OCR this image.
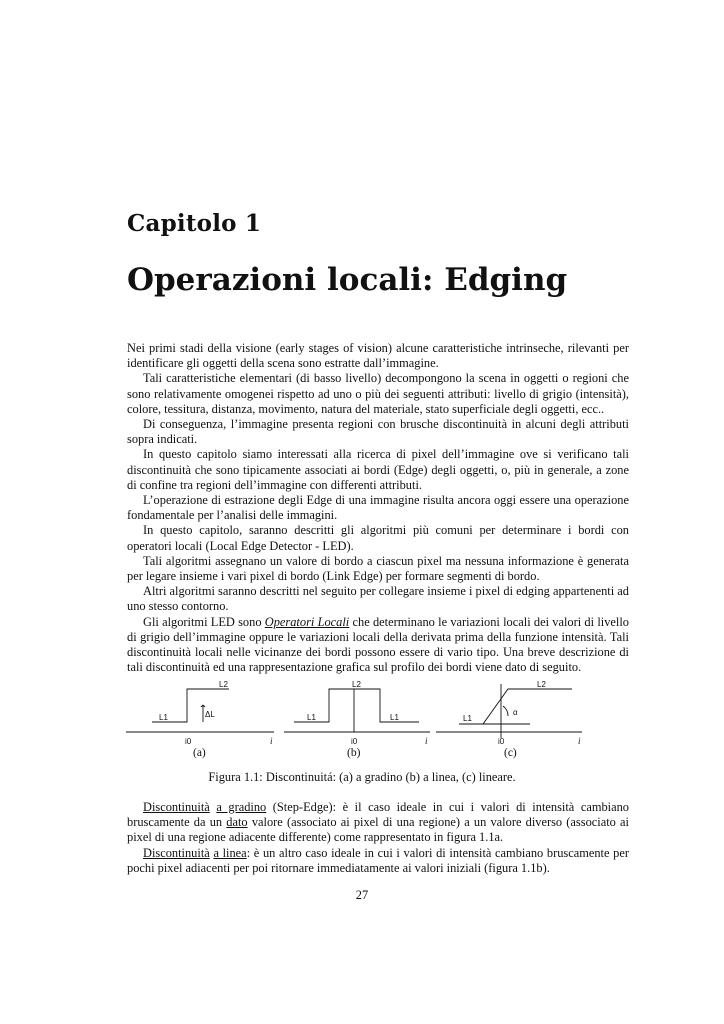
Capitolo 1
Operazioni locali: Edging

Nei primi stadi della visione (early stages of vision) alcune caratteristiche intrinseche, rilevanti per identificare gli oggetti della scena sono estratte dall’immagine.

Tali caratteristiche elementari (di basso livello) decompongono la scena in oggetti o regioni che sono relativamente omogenei rispetto ad uno o più dei seguenti attributi: livello di grigio (intensità), colore, tessitura, distanza, movimento, natura del materiale, stato superficiale degli oggetti, ecc..

Di conseguenza, l’immagine presenta regioni con brusche discontinuità in alcuni degli attributi sopra indicati.

In questo capitolo siamo interessati alla ricerca di pixel dell’immagine ove si verificano tali discontinuità che sono tipicamente associati ai bordi (Edge) degli oggetti, o, più in generale, a zone di confine tra regioni dell’immagine con differenti attributi.

L’operazione di estrazione degli Edge di una immagine risulta ancora oggi essere una operazione fondamentale per l’analisi delle immagini.

In questo capitolo, saranno descritti gli algoritmi più comuni per determinare i bordi con operatori locali (Local Edge Detector - LED).

Tali algoritmi assegnano un valore di bordo a ciascun pixel ma nessuna informazione è generata per legare insieme i vari pixel di bordo (Link Edge) per formare segmenti di bordo.

Altri algoritmi saranno descritti nel seguito per collegare insieme i pixel di edging appartenenti ad uno stesso contorno.

Gli algoritmi LED sono Operatori Locali che determinano le variazioni locali dei valori di livello di grigio dell’immagine oppure le variazioni locali della derivata prima della funzione intensità. Tali discontinuità locali nelle vicinanze dei bordi possono essere di vario tipo. Una breve descrizione di tali discontinuità ed una rappresentazione grafica sul profilo dei bordi viene dato di seguito.

L2
L1	ΔL
i0	i
(a)
L2
L1	L1
i0	i
(b)
L2
L1
α
i0	i
(c)
Figura 1.1: Discontinuitá: (a) a gradino (b) a linea, (c) lineare.

Discontinuità a gradino (Step-Edge): è il caso ideale in cui i valori di intensità cambiano bruscamente da un dato valore (associato ai pixel di una regione) a un valore diverso (associato ai pixel di una regione adiacente differente) come rappresentato in figura 1.1a.

Discontinuità a linea: è un altro caso ideale in cui i valori di intensità cambiano bruscamente per pochi pixel adiacenti per poi ritornare immediatamente ai valori iniziali (figura 1.1b).

27
